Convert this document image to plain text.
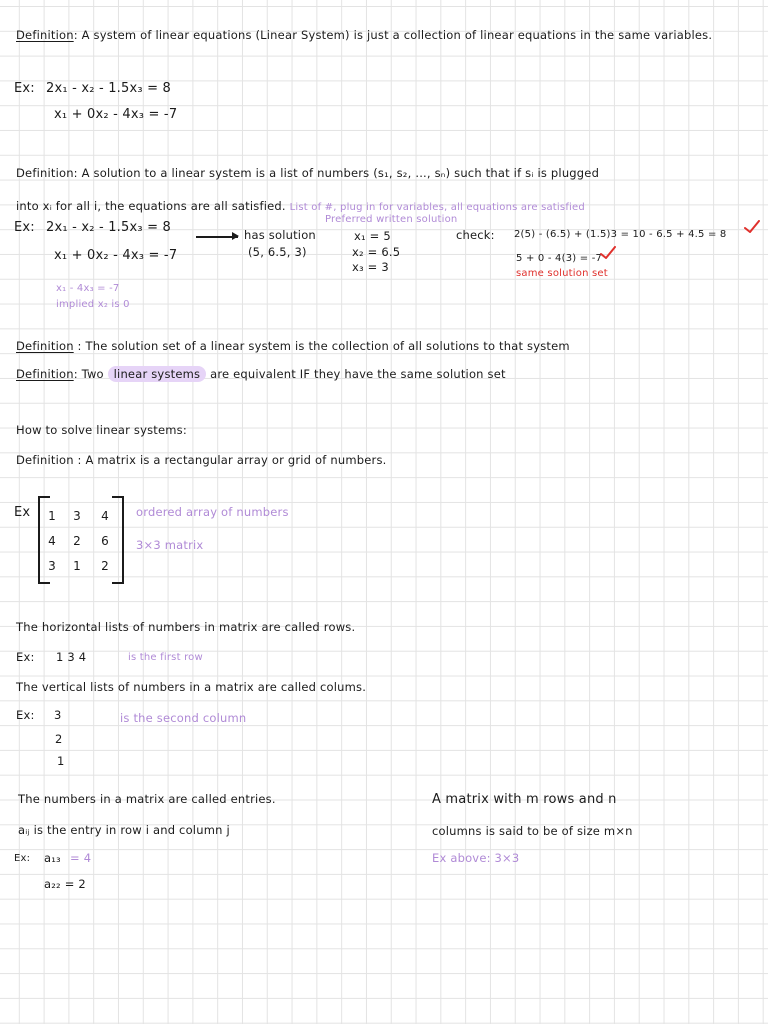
Definition: A system of linear equations (Linear System) is just a collection of linear equations in the same variables.
Ex: 2x₁ - x₂ - 1.5x₃ = 8
x₁ + 0x₂ - 4x₃ = -7
Definition: A solution to a linear system is a list of numbers (s₁, s₂, ..., sₙ) such that if sᵢ is plugged
into xᵢ for all i, the equations are all satisfied. List of #, plug in for variables, all equations are satisfied
Ex: 2x₁ - x₂ - 1.5x₃ = 8
x₁ + 0x₂ - 4x₃ = -7
has solution
(5, 6.5, 3)
Preferred written solution
x₁ = 5
x₂ = 6.5
x₃ = 3
check: 2(5) - (6.5) + (1.5)3 = 10 - 6.5 + 4.5 = 8
5 + 0 - 4(3) = -7
same solution set
x₁ - 4x₃ = -7
implied x₂ is 0
Definition : The solution set of a linear system is the collection of all solutions to that system
Definition: Two linear systems are equivalent IF they have the same solution set
How to solve linear systems:
Definition : A matrix is a rectangular array or grid of numbers.
Ex	1	3	4
4	2	6
3	1	2
ordered array of numbers
3×3 matrix
The horizontal lists of numbers in matrix are called rows.
Ex: 1 3 4	is the first row
The vertical lists of numbers in a matrix are called colums.
Ex: 3
2
1
is the second column
The numbers in a matrix are called entries.
aᵢⱼ is the entry in row i and column j
Ex: a₁₃ = 4
a₂₂ = 2
A matrix with m rows and n
columns is said to be of size m×n
Ex above: 3×3
